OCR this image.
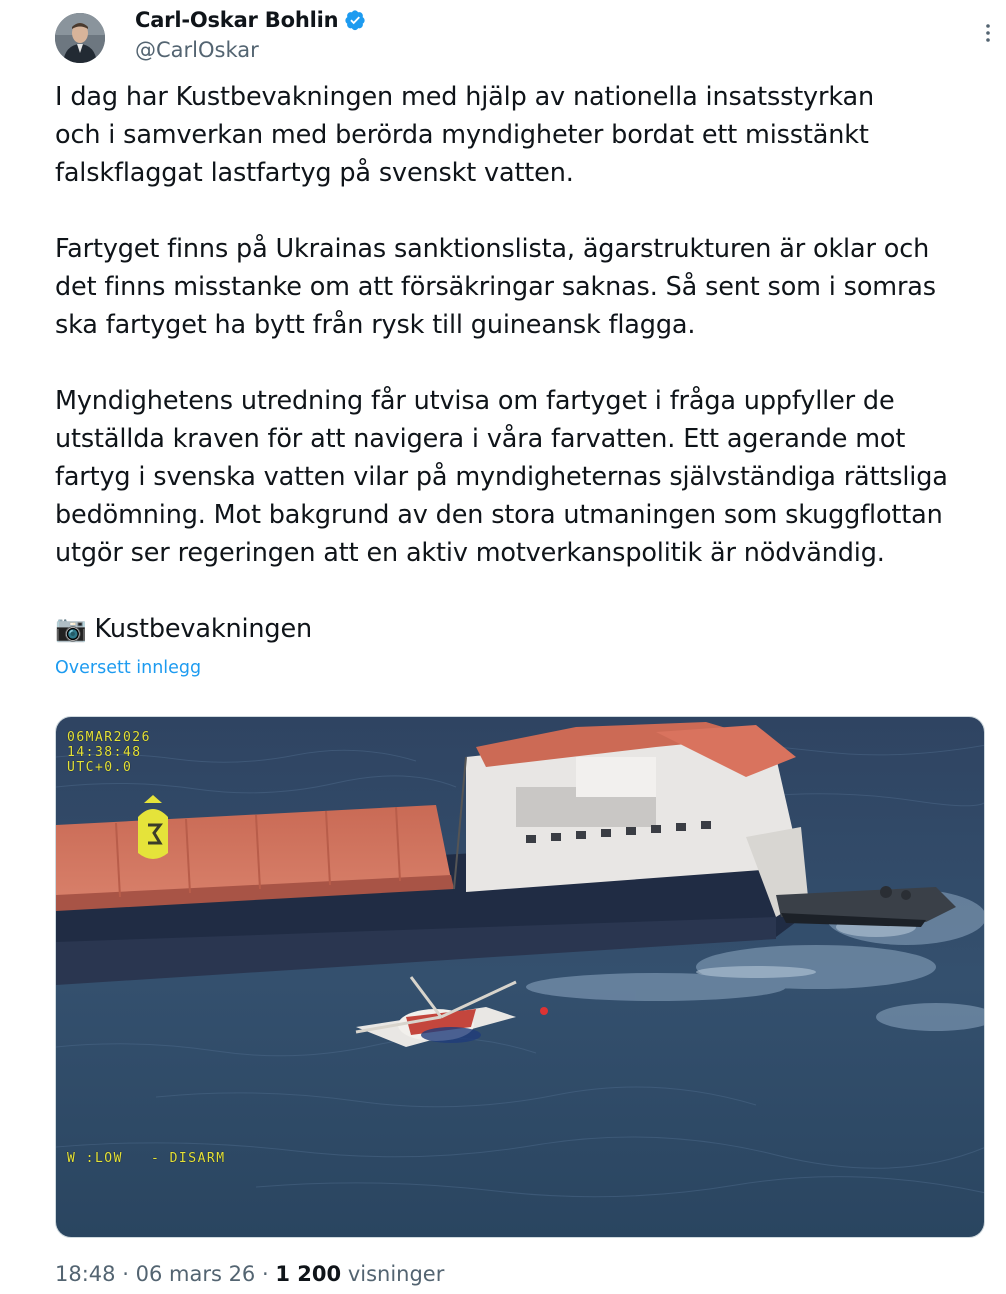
Carl-Oskar Bohlin
@CarlOskar
I dag har Kustbevakningen med hjälp av nationella insatsstyrkan
och i samverkan med berörda myndigheter bordat ett misstänkt
falskflaggat lastfartyg på svenskt vatten.

Fartyget finns på Ukrainas sanktionslista, ägarstrukturen är oklar och
det finns misstanke om att försäkringar saknas. Så sent som i somras
ska fartyget ha bytt från rysk till guineansk flagga.

Myndighetens utredning får utvisa om fartyget i fråga uppfyller de
utställda kraven för att navigera i våra farvatten. Ett agerande mot
fartyg i svenska vatten vilar på myndigheternas självständiga rättsliga
bedömning. Mot bakgrund av den stora utmaningen som skuggflottan
utgör ser regeringen att en aktiv motverkanspolitik är nödvändig.

📷 Kustbevakningen
Oversett innlegg
06MAR2026
14:38:48
UTC+0.0
W :LOW   - DISARM
18:48 · 06 mars 26 · 1 200 visninger
